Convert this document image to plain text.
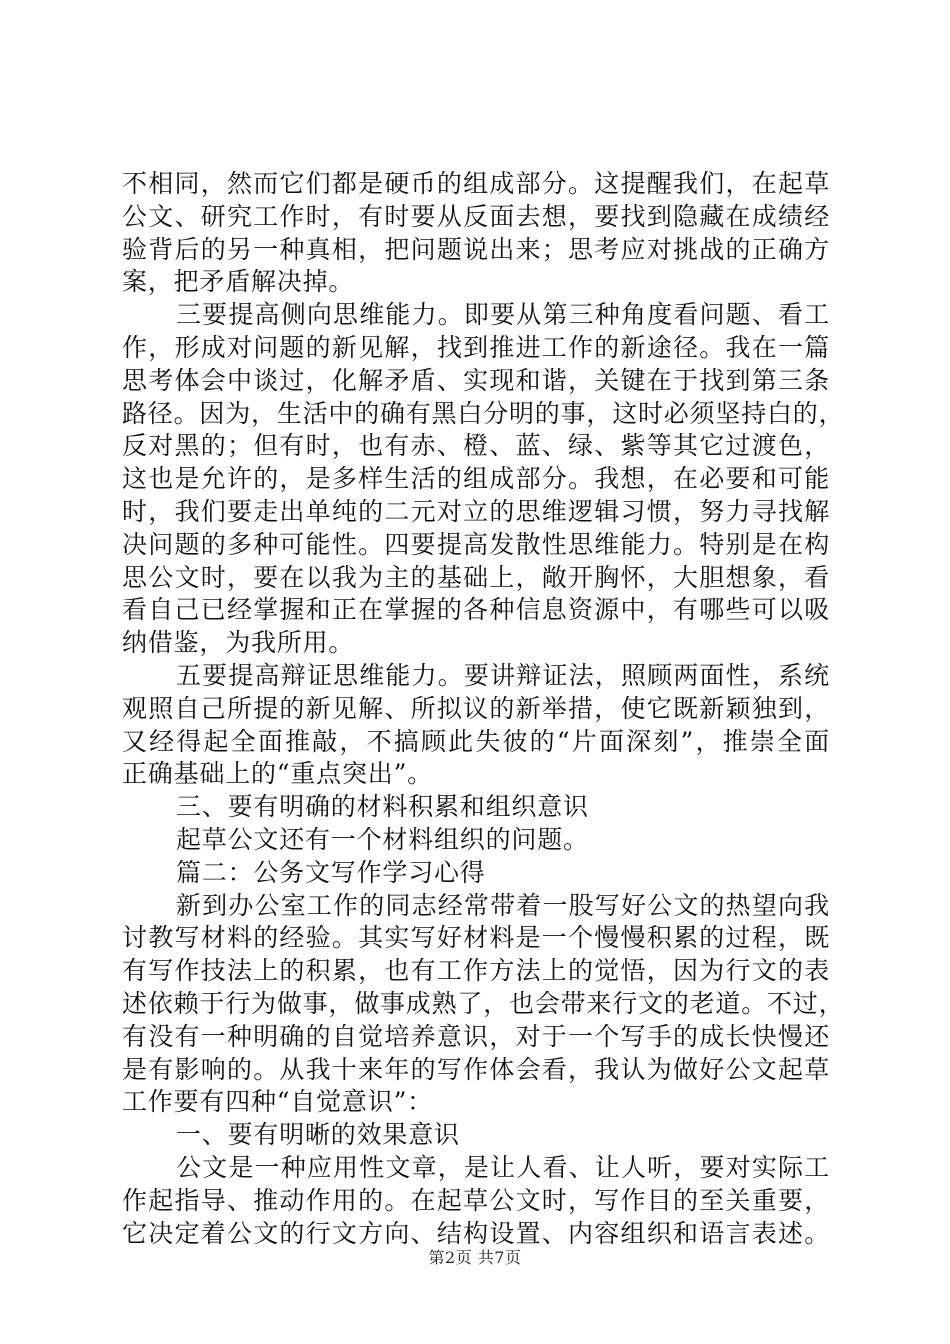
不相同，然而它们都是硬币的组成部分。这提醒我们，在起草
公文、研究工作时，有时要从反面去想，要找到隐藏在成绩经
验背后的另一种真相，把问题说出来；思考应对挑战的正确方
案，把矛盾解决掉。
三要提高侧向思维能力。即要从第三种角度看问题、看工
作，形成对问题的新见解，找到推进工作的新途径。我在一篇
思考体会中谈过，化解矛盾、实现和谐，关键在于找到第三条
路径。因为，生活中的确有黑白分明的事，这时必须坚持白的，
反对黑的；但有时，也有赤、橙、蓝、绿、紫等其它过渡色，
这也是允许的，是多样生活的组成部分。我想，在必要和可能
时，我们要走出单纯的二元对立的思维逻辑习惯，努力寻找解
决问题的多种可能性。四要提高发散性思维能力。特别是在构
思公文时，要在以我为主的基础上，敞开胸怀，大胆想象，看
看自己已经掌握和正在掌握的各种信息资源中，有哪些可以吸
纳借鉴，为我所用。
五要提高辩证思维能力。要讲辩证法，照顾两面性，系统
观照自己所提的新见解、所拟议的新举措，使它既新颖独到，
又经得起全面推敲，不搞顾此失彼的“片面深刻”，推崇全面
正确基础上的“重点突出”。
三、要有明确的材料积累和组织意识
起草公文还有一个材料组织的问题。
篇二：公务文写作学习心得
新到办公室工作的同志经常带着一股写好公文的热望向我
讨教写材料的经验。其实写好材料是一个慢慢积累的过程，既
有写作技法上的积累，也有工作方法上的觉悟，因为行文的表
述依赖于行为做事，做事成熟了，也会带来行文的老道。不过，
有没有一种明确的自觉培养意识，对于一个写手的成长快慢还
是有影响的。从我十来年的写作体会看，我认为做好公文起草
工作要有四种“自觉意识”：
一、要有明晰的效果意识
公文是一种应用性文章，是让人看、让人听，要对实际工
作起指导、推动作用的。在起草公文时，写作目的至关重要，
它决定着公文的行文方向、结构设置、内容组织和语言表述。
第2页 共7页
